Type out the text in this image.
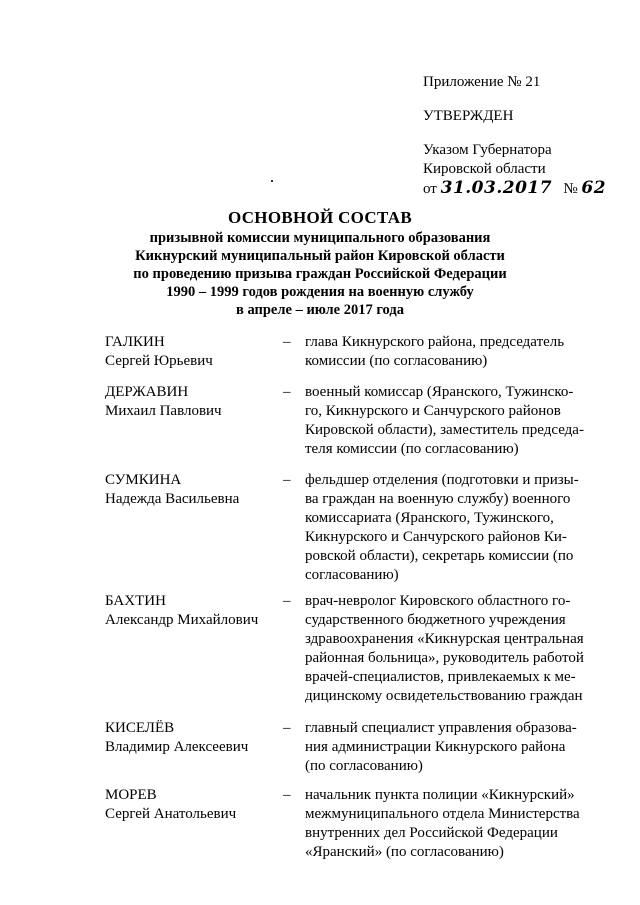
Приложение № 21
УТВЕРЖДЕН
Указом Губернатора
Кировской области
от 31.03.2017 № 62
ОСНОВНОЙ СОСТАВ
призывной комиссии муниципального образования
Кикнурский муниципальный район Кировской области
по проведению призыва граждан Российской Федерации
1990 – 1999 годов рождения на военную службу
в апреле – июле 2017 года
ГАЛКИН
Сергей Юрьевич
– глава Кикнурского района, председатель
комиссии (по согласованию)
ДЕРЖАВИН
Михаил Павлович
– военный комиссар (Яранского, Тужинско-
го, Кикнурского и Санчурского районов
Кировской области), заместитель председа-
теля комиссии (по согласованию)
СУМКИНА
Надежда Васильевна
– фельдшер отделения (подготовки и призы-
ва граждан на военную службу) военного
комиссариата (Яранского, Тужинского,
Кикнурского и Санчурского районов Ки-
ровской области), секретарь комиссии (по
согласованию)
БАХТИН
Александр Михайлович
– врач-невролог Кировского областного го-
сударственного бюджетного учреждения
здравоохранения «Кикнурская центральная
районная больница», руководитель работой
врачей-специалистов, привлекаемых к ме-
дицинскому освидетельствованию граждан
КИСЕЛЁВ
Владимир Алексеевич
– главный специалист управления образова-
ния администрации Кикнурского района
(по согласованию)
МОРЕВ
Сергей Анатольевич
– начальник пункта полиции «Кикнурский»
межмуниципального отдела Министерства
внутренних дел Российской Федерации
«Яранский» (по согласованию)
